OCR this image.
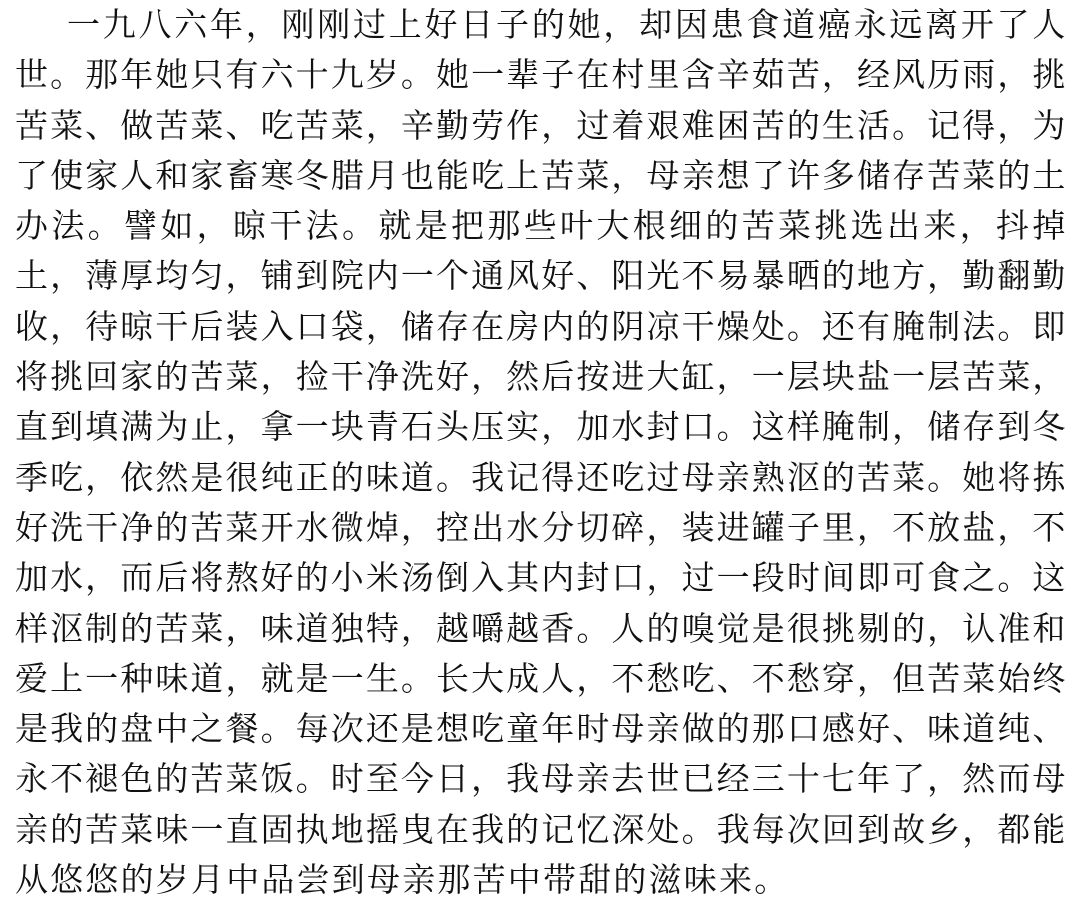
一九八六年，刚刚过上好日子的她，却因患食道癌永远离开了人
世。那年她只有六十九岁。她一辈子在村里含辛茹苦，经风历雨，挑
苦菜、做苦菜、吃苦菜，辛勤劳作，过着艰难困苦的生活。记得，为
了使家人和家畜寒冬腊月也能吃上苦菜，母亲想了许多储存苦菜的土
办法。譬如，晾干法。就是把那些叶大根细的苦菜挑选出来，抖掉
土，薄厚均匀，铺到院内一个通风好、阳光不易暴晒的地方，勤翻勤
收，待晾干后装入口袋，储存在房内的阴凉干燥处。还有腌制法。即
将挑回家的苦菜，捡干净洗好，然后按进大缸，一层块盐一层苦菜，
直到填满为止，拿一块青石头压实，加水封口。这样腌制，储存到冬
季吃，依然是很纯正的味道。我记得还吃过母亲熟沤的苦菜。她将拣
好洗干净的苦菜开水微焯，控出水分切碎，装进罐子里，不放盐，不
加水，而后将熬好的小米汤倒入其内封口，过一段时间即可食之。这
样沤制的苦菜，味道独特，越嚼越香。人的嗅觉是很挑剔的，认准和
爱上一种味道，就是一生。长大成人，不愁吃、不愁穿，但苦菜始终
是我的盘中之餐。每次还是想吃童年时母亲做的那口感好、味道纯、
永不褪色的苦菜饭。时至今日，我母亲去世已经三十七年了，然而母
亲的苦菜味一直固执地摇曳在我的记忆深处。我每次回到故乡，都能
从悠悠的岁月中品尝到母亲那苦中带甜的滋味来。
